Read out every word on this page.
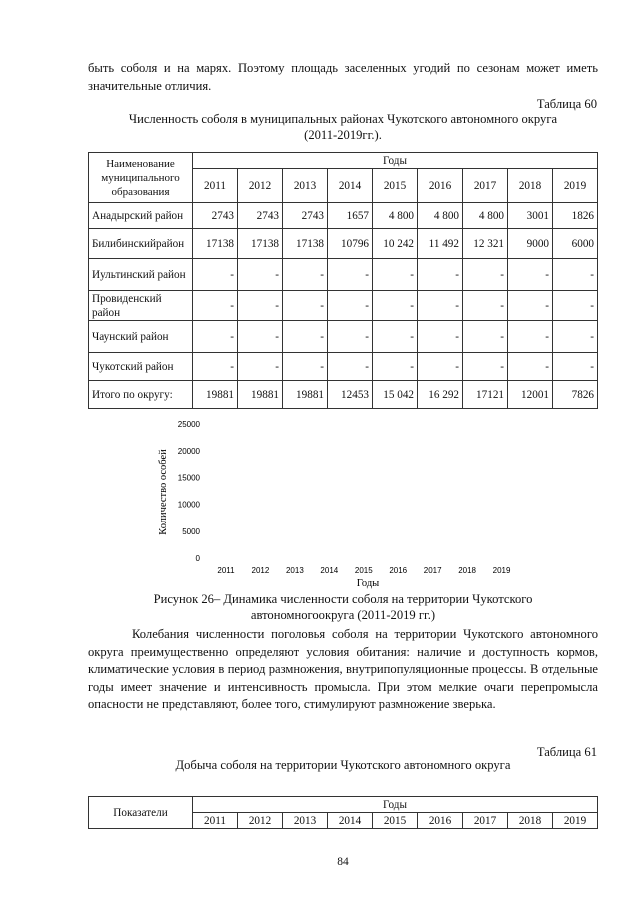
быть соболя и на марях. Поэтому площадь заселенных угодий по сезонам может иметь значительные отличия.
Таблица 60
Численность соболя в муниципальных районах Чукотского автономного округа
(2011-2019гг.).
Наименование муниципального образования	Годы								
	2011	2012	2013	2014	2015	2016	2017	2018	2019
Анадырский район	2743	2743	2743	1657	4 800	4 800	4 800	3001	1826
Билибинскийрайон	17138	17138	17138	10796	10 242	11 492	12 321	9000	6000
Иультинский район	-	-	-	-	-	-	-	-	-
Провиденский район	-	-	-	-	-	-	-	-	-
Чаунский район	-	-	-	-	-	-	-	-	-
Чукотский район	-	-	-	-	-	-	-	-	-
Итого по округу:	19881	19881	19881	12453	15 042	16 292	17121	12001	7826
0
5000
10000
15000
20000
25000
2011 2012 2013 2014 2015 2016 2017 2018 2019
Количество особей
Годы
Рисунок 26– Динамика численности соболя на территории Чукотского
автономногоокруга (2011-2019 гг.)
Колебания численности поголовья соболя на территории Чукотского автономного округа преимущественно определяют условия обитания: наличие и доступность кормов, климатические условия в период размножения, внутрипопуляционные процессы. В отдельные годы имеет значение и интенсивность промысла. При этом мелкие очаги перепромысла опасности не представляют, более того, стимулируют размножение зверька.
Таблица 61
Добыча соболя на территории Чукотского автономного округа
Показатели	Годы								
	2011	2012	2013	2014	2015	2016	2017	2018	2019
84
